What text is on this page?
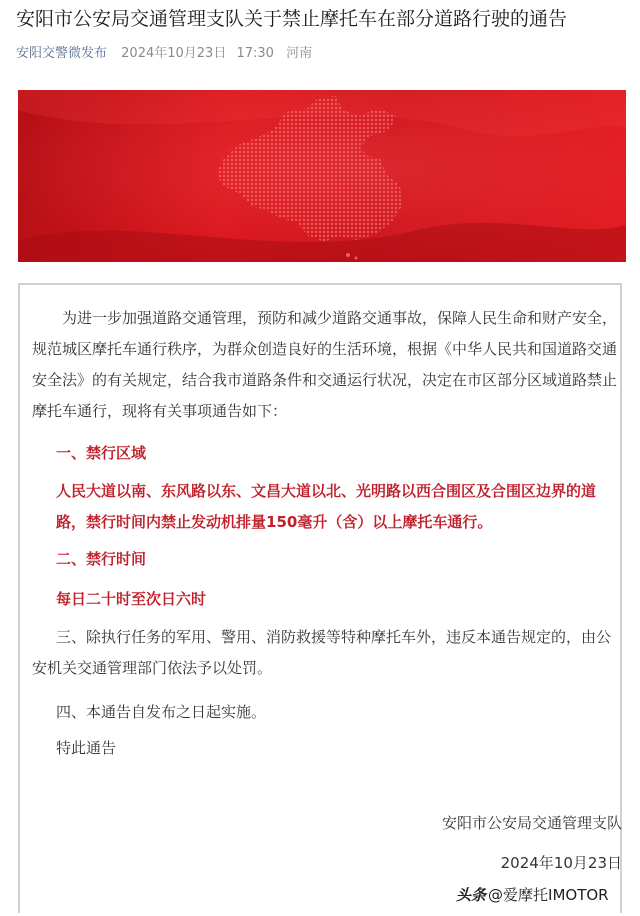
安阳市公安局交通管理支队关于禁止摩托车在部分道路行驶的通告
安阳交警微发布 2024年10月23日 17:30 河南

　　为进一步加强道路交通管理，预防和减少道路交通事故，保障人民生命和财产安全，规范城区摩托车通行秩序，为群众创造良好的生活环境，根据《中华人民共和国道路交通安全法》的有关规定，结合我市道路条件和交通运行状况，决定在市区部分区域道路禁止摩托车通行，现将有关事项通告如下：

一、禁行区域

人民大道以南、东风路以东、文昌大道以北、光明路以西合围区及合围区边界的道路，禁行时间内禁止发动机排量150毫升（含）以上摩托车通行。

二、禁行时间

每日二十时至次日六时

三、除执行任务的军用、警用、消防救援等特种摩托车外，违反本通告规定的，由公安机关交通管理部门依法予以处罚。

四、本通告自发布之日起实施。

特此通告

安阳市公安局交通管理支队

2024年10月23日

头条 @爱摩托IMOTOR
